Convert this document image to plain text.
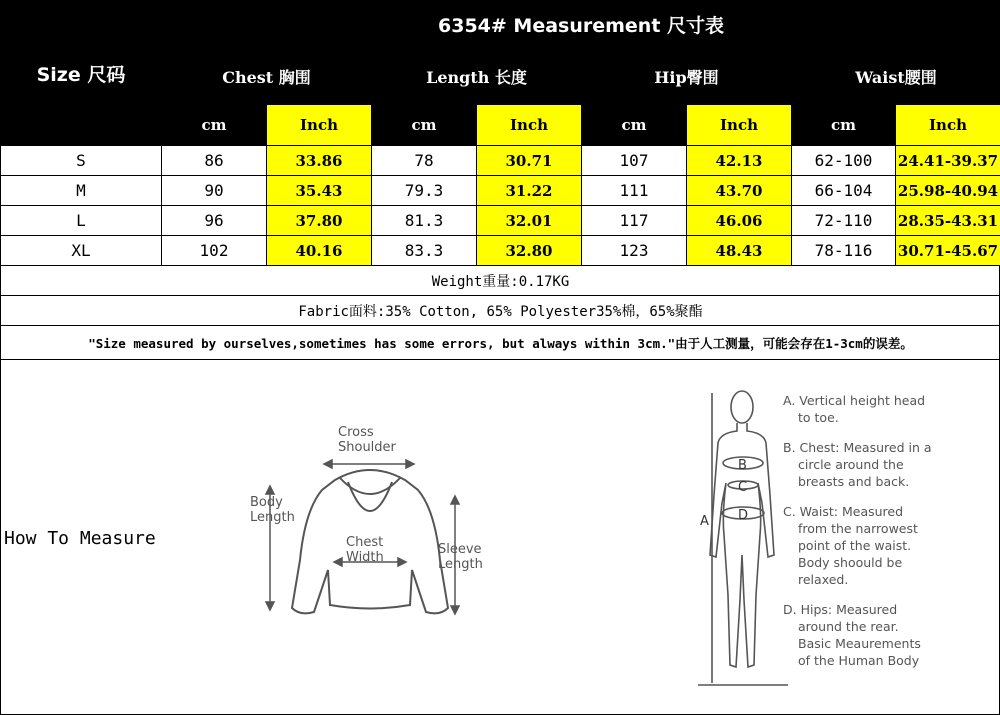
Size 尺码	6354# Measurement 尺寸表							
	Chest 胸围		Length 长度		Hip臀围		Waist腰围	
	cm	Inch	cm	Inch	cm	Inch	cm	Inch
S	86	33.86	78	30.71	107	42.13	62-100	24.41-39.37
M	90	35.43	79.3	31.22	111	43.70	66-104	25.98-40.94
L	96	37.80	81.3	32.01	117	46.06	72-110	28.35-43.31
XL	102	40.16	83.3	32.80	123	48.43	78-116	30.71-45.67
Weight重量:0.17KG								
Fabric面料:35% Cotton, 65% Polyester35%棉，65%聚酯								
"Size measured by ourselves,sometimes has some errors, but always within 3cm."由于人工测量，可能会存在1-3cm的误差。								
How To Measure
Cross
Shoulder
Body
Length
Chest
Width
Sleeve
Length
B
C
D
A
A. Vertical height head
to toe.
B. Chest: Measured in a
circle around the
breasts and back.
C. Waist: Measured
from the narrowest
point of the waist.
Body shoould be
relaxed.
D. Hips: Measured
around the rear.
Basic Meaurements
of the Human Body
